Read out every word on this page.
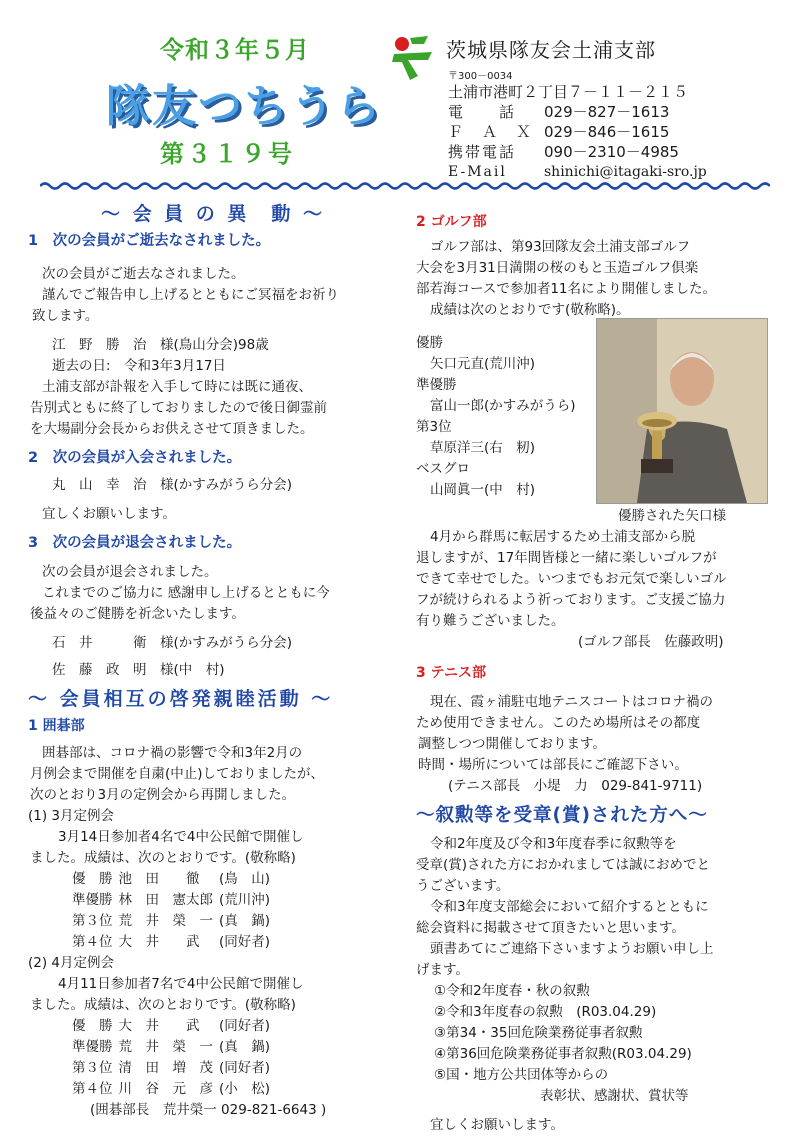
令和３年５月
隊友つちうら
第３１９号
茨城県隊友会土浦支部
〒300－0034
土浦市港町２丁目７－１１－２１５
電　　話	029－827－1613
Ｆ　Ａ　Ｘ 029－846－1615
携帯電話	090－2310－4985
E-Mail	shinichi@itagaki-sro.jp
～ 会 員 の 異　動 ～
1　次の会員がご逝去なされました。
次の会員がご逝去なされました。
謹んでご報告申し上げるとともにご冥福をお祈り
致します。
江　野　勝　治　様(鳥山分会)98歳
逝去の日:　令和3年3月17日
土浦支部が訃報を入手して時には既に通夜、
告別式ともに終了しておりましたので後日御霊前
を大場副分会長からお供えさせて頂きました。
2　次の会員が入会されました。
丸　山　幸　治　様(かすみがうら分会)
宜しくお願いします。
3　次の会員が退会されました。
次の会員が退会されました。
これまでのご協力に 感謝申し上げるとともに今
後益々のご健勝を祈念いたします。
石　井　　　衛　様(かすみがうら分会)
佐　藤　政　明　様(中　村)
～ 会員相互の啓発親睦活動 ～
1 囲碁部
囲碁部は、コロナ禍の影響で令和3年2月の
月例会まで開催を自粛(中止)しておりましたが、
次のとおり3月の定例会から再開しました。
(1) 3月定例会
3月14日参加者4名で4中公民館で開催し
ました。成績は、次のとおりです。(敬称略)
優　勝	池　田　　徹	(鳥　山)
準優勝	林　田　憲太郎	(荒川沖)
第３位	荒　井　榮　一	(真　鍋)
第４位	大　井　　武	(同好者)
(2) 4月定例会
4月11日参加者7名で4中公民館で開催し
ました。成績は、次のとおりです。(敬称略)
優　勝	大　井　　武	(同好者)
準優勝	荒　井　榮　一	(真　鍋)
第３位	清　田　増　茂	(同好者)
第４位	川　谷　元　彦	(小　松)
(囲碁部長　荒井榮一 029-821-6643 )
2 ゴルフ部
ゴルフ部は、第93回隊友会土浦支部ゴルフ
大会を3月31日満開の桜のもと玉造ゴルフ倶楽
部若海コースで参加者11名により開催しました。
成績は次のとおりです(敬称略)。
優勝
矢口元直(荒川沖)
準優勝
富山一郎(かすみがうら)
第3位
草原洋三(右　籾)
ベスグロ
山岡眞一(中　村)
優勝された矢口様
4月から群馬に転居するため土浦支部から脱
退しますが、17年間皆様と一緒に楽しいゴルフが
できて幸せでした。いつまでもお元気で楽しいゴル
フが続けられるよう祈っております。ご支援ご協力
有り難うございました。
(ゴルフ部長　佐藤政明)
3 テニス部
現在、霞ヶ浦駐屯地テニスコートはコロナ禍の
ため使用できません。このため場所はその都度
調整しつつ開催しております。
時間・場所については部長にご確認下さい。
(テニス部長　小堤　力　029-841-9711)
～叙勲等を受章(賞)された方へ～
令和2年度及び令和3年度春季に叙勲等を
受章(賞)された方におかれましては誠におめでと
うございます。
令和3年度支部総会において紹介するとともに
総会資料に掲載させて頂きたいと思います。
頭書あてにご連絡下さいますようお願い申し上
げます。
①令和2年度春・秋の叙勲
②令和3年度春の叙勲　(R03.04.29)
③第34・35回危険業務従事者叙勲
④第36回危険業務従事者叙勲(R03.04.29)
⑤国・地方公共団体等からの
表彰状、感謝状、賞状等
宜しくお願いします。
